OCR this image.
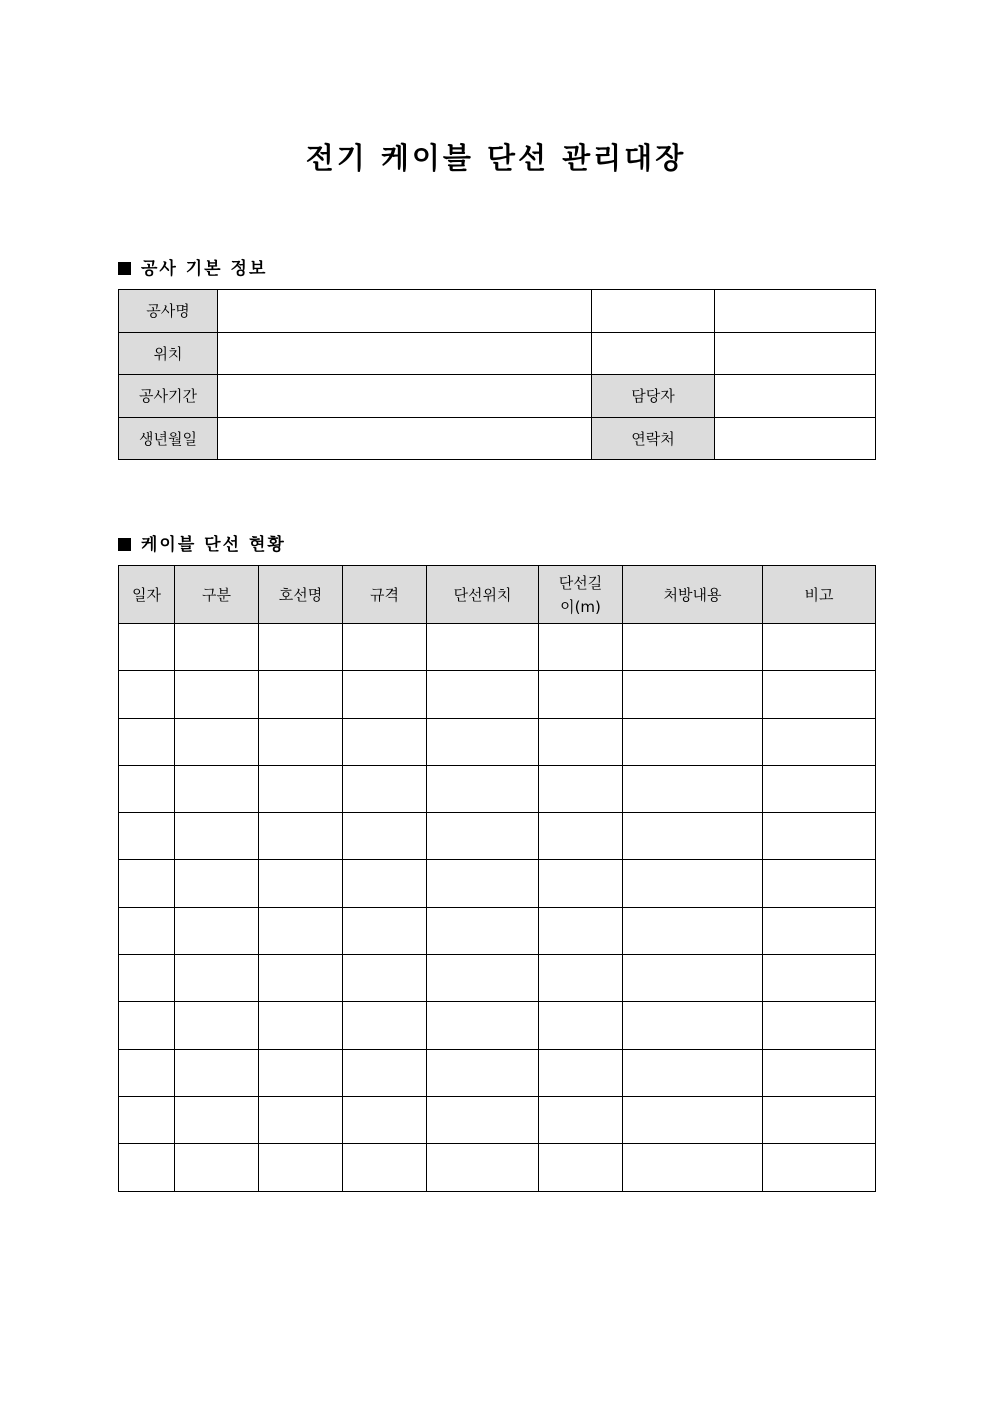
전기 케이블 단선 관리대장
공사 기본 정보
공사명			
위치			
공사기간		담당자	
생년월일		연락처	
케이블 단선 현황
일자	구분	호선명	규격	단선위치	단선길이(m)	처방내용	비고
